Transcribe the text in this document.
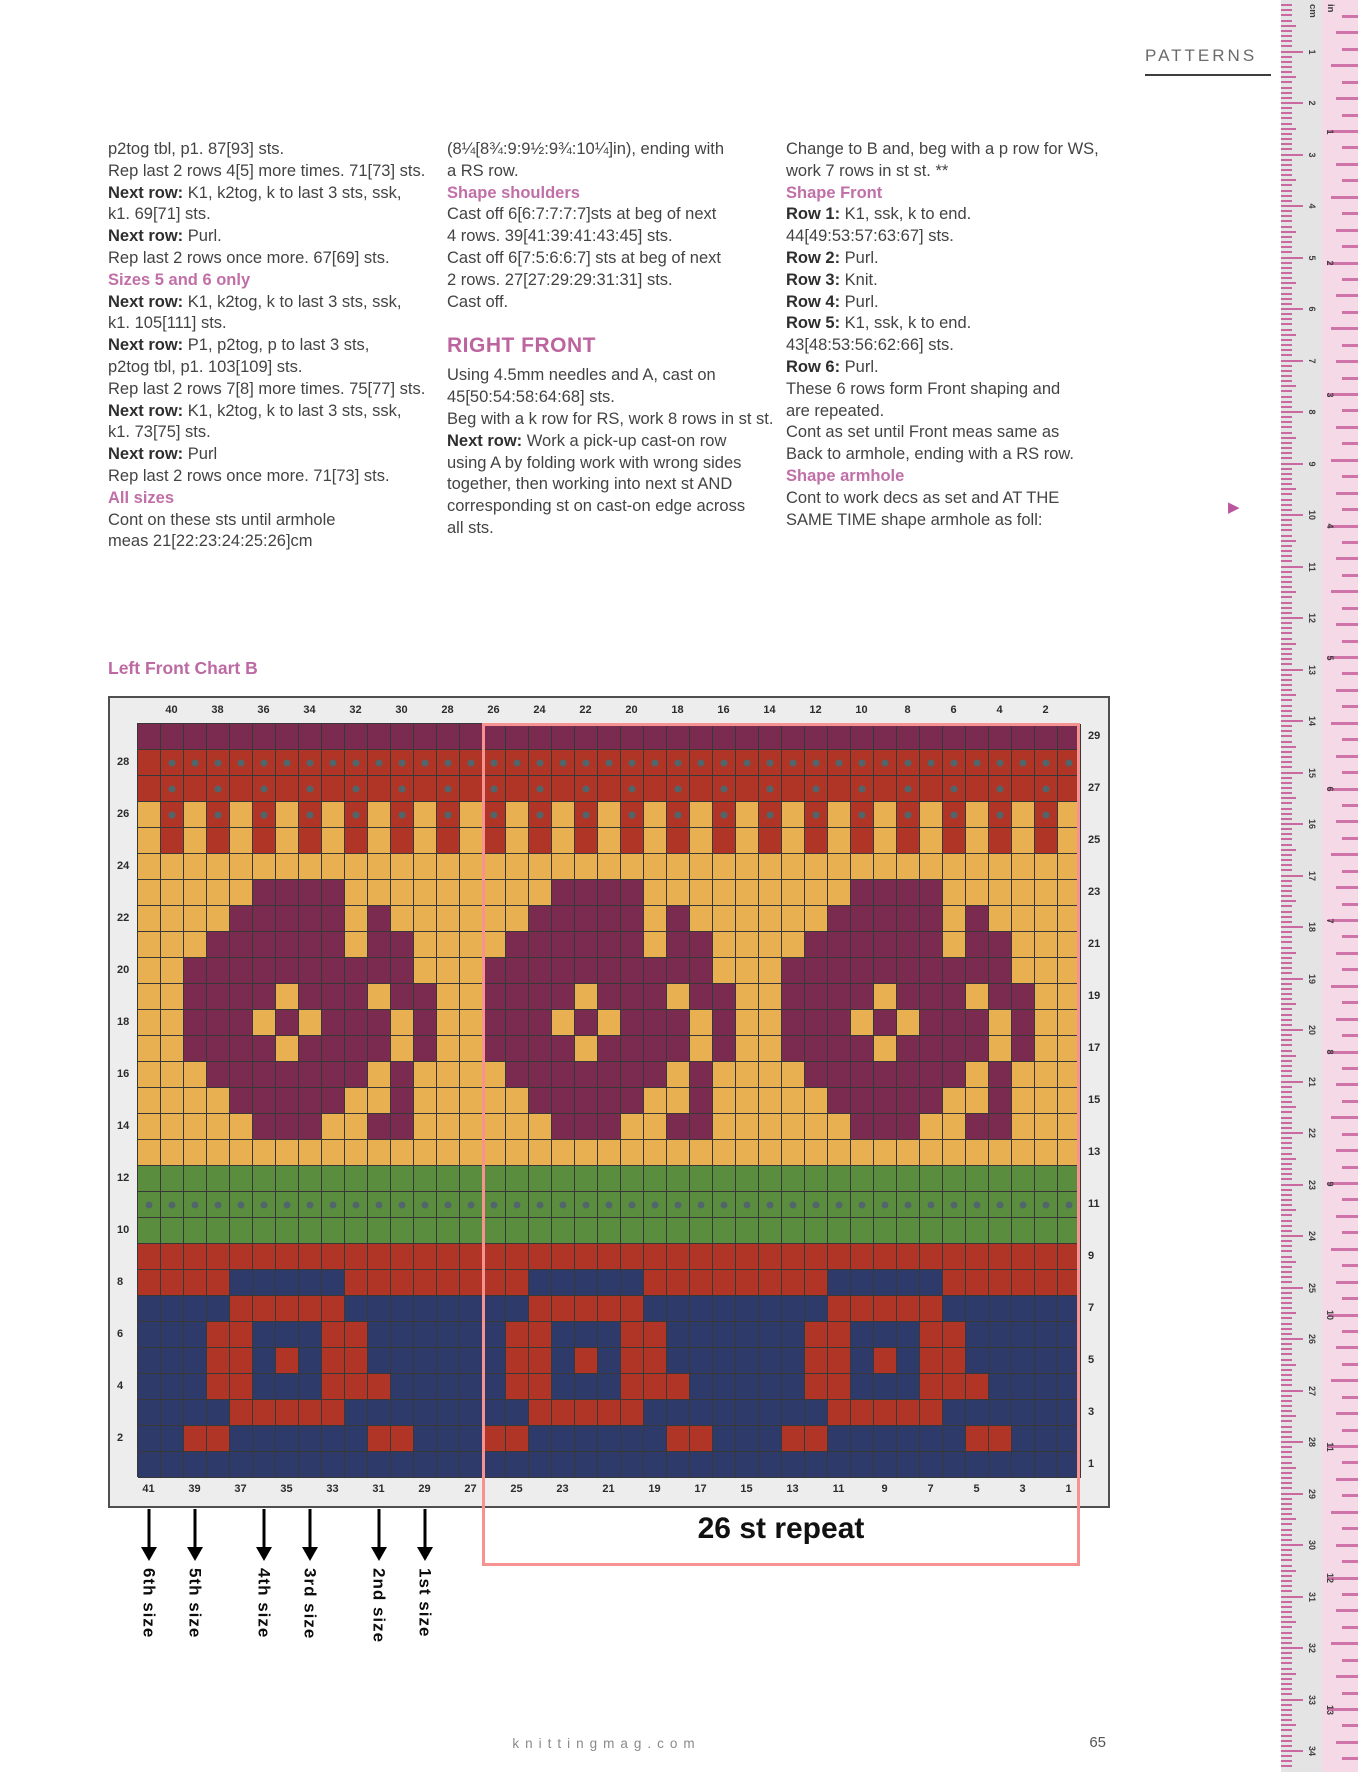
PATTERNS
p2tog tbl, p1. 87[93] sts.
Rep last 2 rows 4[5] more times. 71[73] sts.
Next row: K1, k2tog, k to last 3 sts, ssk,
k1. 69[71] sts.
Next row: Purl.
Rep last 2 rows once more. 67[69] sts.
Sizes 5 and 6 only
Next row: K1, k2tog, k to last 3 sts, ssk,
k1. 105[111] sts.
Next row: P1, p2tog, p to last 3 sts,
p2tog tbl, p1. 103[109] sts.
Rep last 2 rows 7[8] more times. 75[77] sts.
Next row: K1, k2tog, k to last 3 sts, ssk,
k1. 73[75] sts.
Next row: Purl
Rep last 2 rows once more. 71[73] sts.
All sizes
Cont on these sts until armhole
meas 21[22:23:24:25:26]cm
(8¼[8¾:9:9½:9¾:10¼]in), ending with
a RS row.
Shape shoulders
Cast off 6[6:7:7:7:7]sts at beg of next
4 rows. 39[41:39:41:43:45] sts.
Cast off 6[7:5:6:6:7] sts at beg of next
2 rows. 27[27:29:29:31:31] sts.
Cast off.
RIGHT FRONT
Using 4.5mm needles and A, cast on
45[50:54:58:64:68] sts.
Beg with a k row for RS, work 8 rows in st st.
Next row: Work a pick-up cast-on row
using A by folding work with wrong sides
together, then working into next st AND
corresponding st on cast-on edge across
all sts.
Change to B and, beg with a p row for WS,
work 7 rows in st st. **
Shape Front
Row 1: K1, ssk, k to end.
44[49:53:57:63:67] sts.
Row 2: Purl.
Row 3: Knit.
Row 4: Purl.
Row 5: K1, ssk, k to end.
43[48:53:56:62:66] sts.
Row 6: Purl.
These 6 rows form Front shaping and
are repeated.
Cont as set until Front meas same as
Back to armhole, ending with a RS row.
Shape armhole
Cont to work decs as set and AT THE
SAME TIME shape armhole as foll:
▶
Left Front Chart B
40	38	36	34	32	30	28	26	24	22	20	18	16	14	12	10	8	6	4	2
28
26
24
22
20
18
16
14
12
10
8
6
4
2
29
27
25
23
21
19
17
15
13
11
9
7
5
3
1
41	39	37	35	33	31	29	27	25	23	21	19	17	15	13	11	9	7	5	3	1
26 st repeat
6th size 5th size	4th size 3rd size	2nd size 1st size
cm
1
2
3
4
5
6
7
8
9
10
11
12
13
14
15
16
17
18
19
20
21
22
23
24
25
26
27
28
29
30
31
32
33
34
in
1
2
3
4
5
6
7
8
9
10
11
12
13
knittingmag.com	65
